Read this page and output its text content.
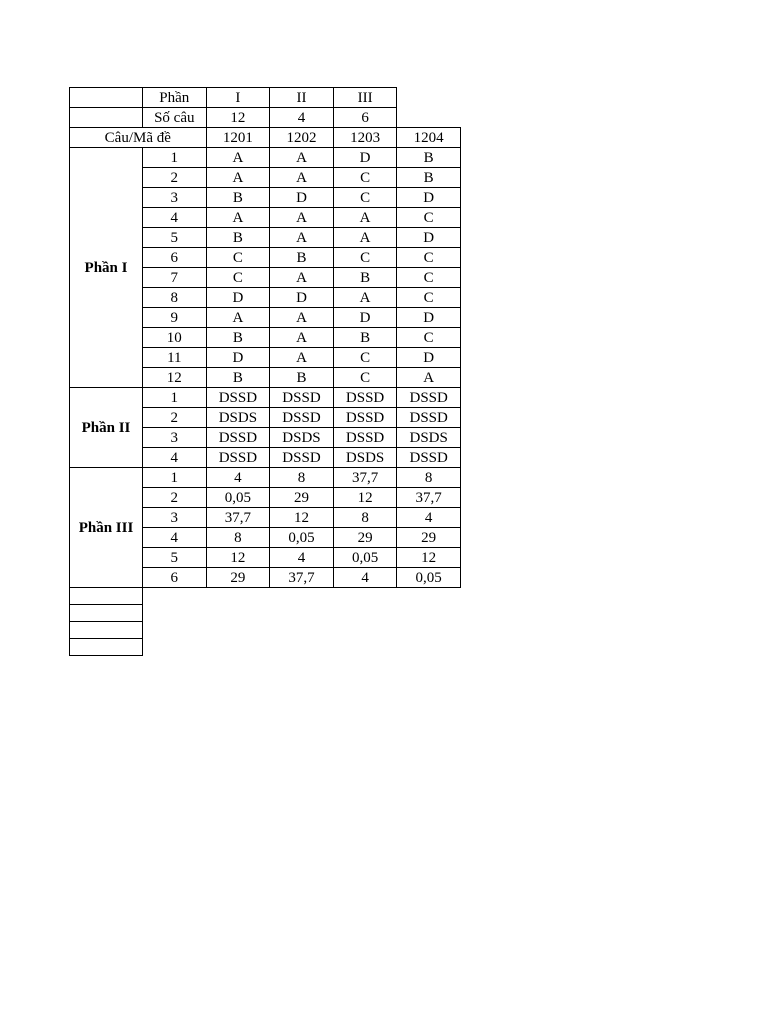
	Phần	I	II	III	
	Số câu	12	4	6	
Câu/Mã đề		1201	1202	1203	1204
Phần I	1	A	A	D	B
	2	A	A	C	B
	3	B	D	C	D
	4	A	A	A	C
	5	B	A	A	D
	6	C	B	C	C
	7	C	A	B	C
	8	D	D	A	C
	9	A	A	D	D
	10	B	A	B	C
	11	D	A	C	D
	12	B	B	C	A
Phần II	1	DSSD	DSSD	DSSD	DSSD
	2	DSDS	DSSD	DSSD	DSSD
	3	DSSD	DSDS	DSSD	DSDS
	4	DSSD	DSSD	DSDS	DSSD
Phần III	1	4	8	37,7	8
	2	0,05	29	12	37,7
	3	37,7	12	8	4
	4	8	0,05	29	29
	5	12	4	0,05	12
	6	29	37,7	4	0,05
